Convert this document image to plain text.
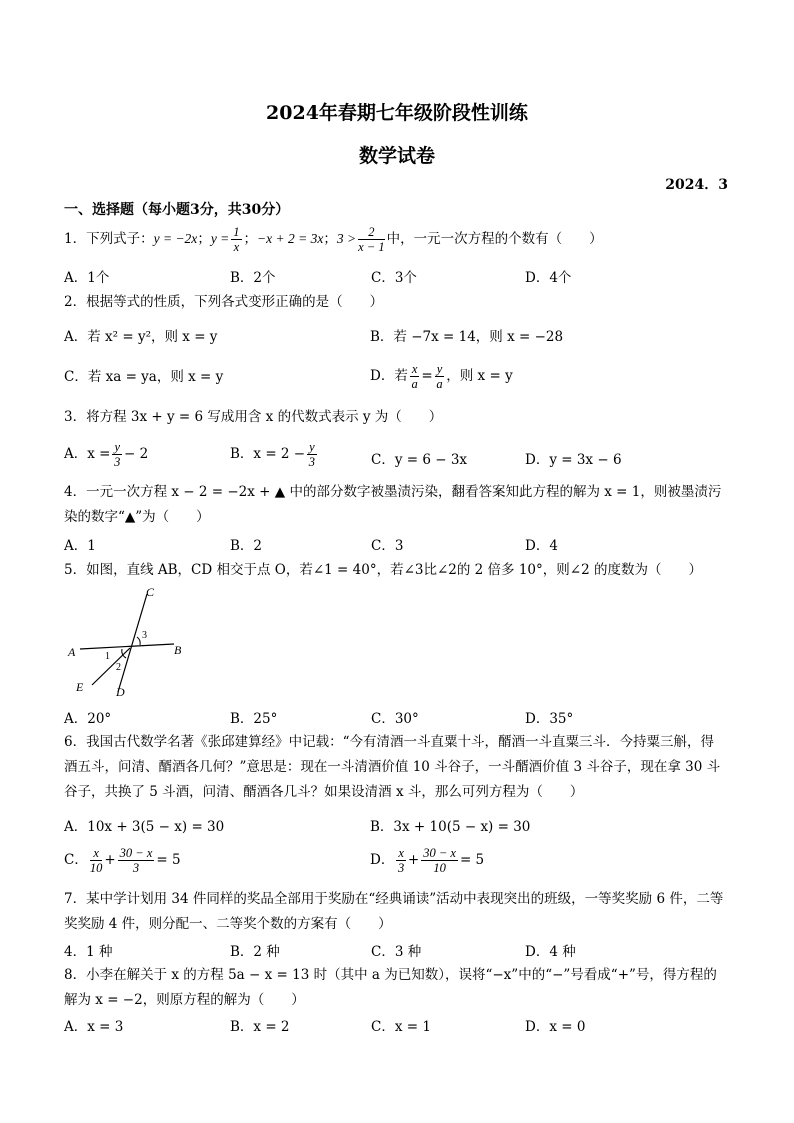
2024年春期七年级阶段性训练
数学试卷
2024．3
一、选择题（每小题3分，共30分）
1．下列式子：y = −2x；$y = \frac{1}{x}$ ；−x + 2 = 3x；$3 > \frac{2}{x - 1}$ 中，一元一次方程的个数有（　　）
A．1个	B．2个	C．3个	D．4个
2．根据等式的性质，下列各式变形正确的是（　　）
A．若 x² = y²，则 x = y	B．若 −7x = 14，则 x = −28
C．若 xa = ya，则 x = y	D．若 $\frac{x}{a} = \frac{y}{a}$ ，则 x = y
3．将方程 3x + y = 6 写成用含 x 的代数式表示 y 为（　　）
A．$x = \frac{y}{3} - 2$	B．$x = 2 - \frac{y}{3}$	C．y = 6 − 3x	D．y = 3x − 6
4．一元一次方程 x − 2 = −2x + ▲ 中的部分数字被墨渍污染，翻看答案知此方程的解为 x = 1，则被墨渍污染的数字“▲”为（　　）
A．1	B．2	C．3	D．4
5．如图，直线 AB，CD 相交于点 O，若∠1 = 40°，若∠3比∠2的 2 倍多 10°，则∠2 的度数为（　　）
C
A	B
E	D
1
2
3
A．20°	B．25°	C．30°	D．35°
6．我国古代数学名著《张邱建算经》中记载：“今有清酒一斗直粟十斗，醑酒一斗直粟三斗．今持粟三斛，得酒五斗，问清、醑酒各几何？”意思是：现在一斗清酒价值 10 斗谷子，一斗醑酒价值 3 斗谷子，现在拿 30 斗谷子，共换了 5 斗酒，问清、醑酒各几斗？如果设清酒 x 斗，那么可列方程为（　　）
A．10x + 3(5 − x) = 30	B．3x + 10(5 − x) = 30
C． $\frac{x}{10} + \frac{30 - x}{3} = 5$	D． $\frac{x}{3} + \frac{30 - x}{10} = 5$
7．某中学计划用 34 件同样的奖品全部用于奖励在“经典诵读”活动中表现突出的班级，一等奖奖励 6 件，二等奖奖励 4 件，则分配一、二等奖个数的方案有（　　）
4．1 种	B．2 种	C．3 种	D．4 种
8．小李在解关于 x 的方程 5a − x = 13 时（其中 a 为已知数），误将“−x”中的“−”号看成“+”号，得方程的解为 x = −2，则原方程的解为（　　）
A．x = 3	B．x = 2	C．x = 1	D．x = 0
